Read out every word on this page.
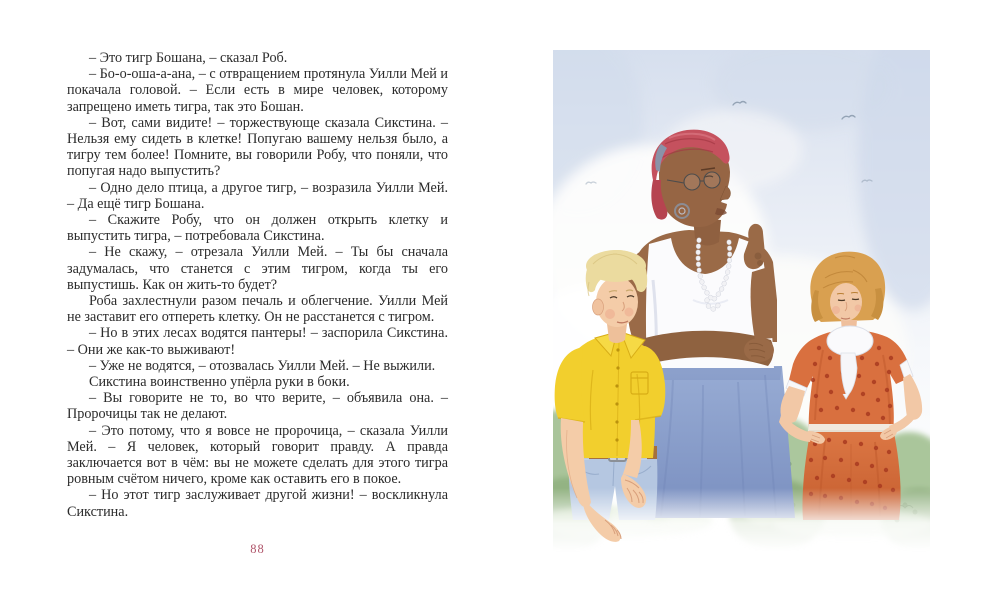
– Это тигр Бошана, – сказал Роб.

– Бо-о-оша-а-ана, – с отвращением протянула Уилли Мей и покачала головой. – Если есть в мире человек, которому запрещено иметь тигра, так это Бошан.

– Вот, сами видите! – торжествующе сказала Сикстина. – Нельзя ему сидеть в клетке! Попугаю вашему нельзя было, а тигру тем более! Помните, вы говорили Робу, что поняли, что попугая надо выпустить?

– Одно дело птица, а другое тигр, – возразила Уилли Мей. – Да ещё тигр Бошана.

– Скажите Робу, что он должен открыть клетку и выпустить тигра, – потребовала Сикстина.

– Не скажу, – отрезала Уилли Мей. – Ты бы сначала задумалась, что станется с этим тигром, когда ты его выпустишь. Как он жить-то будет?

Роба захлестнули разом печаль и облегчение. Уилли Мей не заставит его отпереть клетку. Он не расстанется с тигром.

– Но в этих лесах водятся пантеры! – заспорила Сикстина. – Они же как-то выживают!

– Уже не водятся, – отозвалась Уилли Мей. – Не выжили.

Сикстина воинственно упёрла руки в боки.

– Вы говорите не то, во что верите, – объявила она. – Пророчицы так не делают.

– Это потому, что я вовсе не пророчица, – сказала Уилли Мей. – Я человек, который говорит правду. А правда заключается вот в чём: вы не можете сделать для этого тигра ровным счётом ничего, кроме как оставить его в покое.

– Но этот тигр заслуживает другой жизни! – воскликнула Сикстина.

88
